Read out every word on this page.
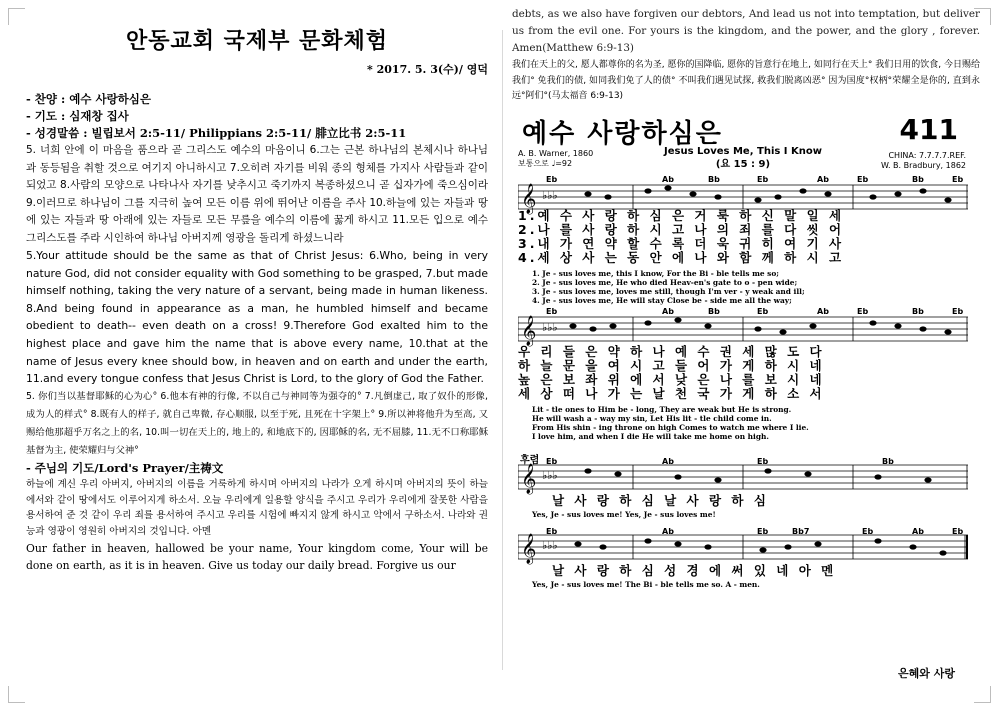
안동교회 국제부 문화체험
* 2017. 5. 3(수)/ 영덕
- 찬양 : 예수 사랑하심은
- 기도 : 심재창 집사
- 성경말씀 : 빌립보서 2:5-11/ Philippians 2:5-11/ 腓立比书 2:5-11
5. 너희 안에 이 마음을 품으라 곧 그리스도 예수의 마음이니 6.그는 근본 하나님의 본체시나 하나님과 동등됨을 취할 것으로 여기지 아니하시고 7.오히려 자기를 비워 종의 형체를 가지사 사람들과 같이 되었고 8.사람의 모양으로 나타나사 자기를 낮추시고 죽기까지 복종하셨으니 곧 십자가에 죽으심이라 9.이러므로 하나님이 그를 지극히 높여 모든 이름 위에 뛰어난 이름을 주사 10.하늘에 있는 자들과 땅에 있는 자들과 땅 아래에 있는 자들로 모든 무릎을 예수의 이름에 꿇게 하시고 11.모든 입으로 예수 그리스도를 주라 시인하여 하나님 아버지께 영광을 돌리게 하셨느니라
5.Your attitude should be the same as that of Christ Jesus: 6.Who, being in very nature God, did not consider equality with God something to be grasped, 7.but made himself nothing, taking the very nature of a servant, being made in human likeness. 8.And being found in appearance as a man, he humbled himself and became obedient to death-- even death on a cross! 9.Therefore God exalted him to the highest place and gave him the name that is above every name, 10.that at the name of Jesus every knee should bow, in heaven and on earth and under the earth, 11.and every tongue confess that Jesus Christ is Lord, to the glory of God the Father.
5. 你们当以基督耶稣的心为心° 6.他本有神的行像, 不以自己与神同等为强夺的° 7.凡倒虚己, 取了奴仆的形像, 成为人的样式° 8.既有人的样子, 就自己卑微, 存心顺服, 以至于死, 且死在十字架上° 9.所以神将他升为至高, 又赐给他那超乎万名之上的名, 10.叫一切在天上的, 地上的, 和地底下的, 因耶稣的名, 无不屈膝, 11.无不口称耶稣基督为主, 使荣耀归与父神°
- 주님의 기도/Lord's Prayer/主祷文
하늘에 계신 우리 아버지, 아버지의 이름을 거룩하게 하시며 아버지의 나라가 오게 하시며 아버지의 뜻이 하늘에서와 같이 땅에서도 이루어지게 하소서. 오늘 우리에게 일용할 양식을 주시고 우리가 우리에게 잘못한 사람을 용서하여 준 것 같이 우리 죄를 용서하여 주시고 우리를 시험에 빠지지 않게 하시고 악에서 구하소서. 나라와 권능과 영광이 영원히 아버지의 것입니다. 아멘
Our father in heaven, hallowed be your name, Your kingdom come, Your will be done on earth, as it is in heaven. Give us today our daily bread. Forgive us our
debts, as we also have forgiven our debtors, And lead us not into temptation, but deliver us from the evil one. For yours is the kingdom, and the power, and the glory , forever. Amen(Matthew 6:9-13)
我们在天上的父, 愿人都尊你的名为圣, 愿你的国降临, 愿你的旨意行在地上, 如同行在天上° 我们日用的饮食, 今日赐给我们° 免我们的债, 如同我们免了人的债° 不叫我们遇见试探, 救我们脱离凶恶° 因为国度°权柄°荣耀全是你的, 直到永远°阿们°(马太福音 6:9-13)
예수 사랑하심은	411
Jesus Loves Me, This I Know
(요 15 : 9)
A. B. Warner, 1860
보통으로 ♩=92
CHINA: 7.7.7.7.REF.
W. B. Bradbury, 1862
𝄞 ♭♭♭
1.예 수 사 랑 하 심 은 거 룩 하 신 말 일 세
2.나 를 사 랑 하 시 고 나 의 죄 를 다 씻 어
3.내 가 연 약 할 수 록 더 욱 귀 히 여 기 사
4.세 상 사 는 동 안 에 나 와 함 께 하 시 고
1. Je - sus loves me, this I know, For the Bi - ble tells me so;
2. Je - sus loves me, He who died Heav-en's gate to o - pen wide;
3. Je - sus loves me, loves me still, though I'm ver - y weak and ill;
4. Je - sus loves me, He will stay Close be - side me all the way;
𝄞 ♭♭♭
우 리 들 은 약 하 나 예 수 권 세 많 도 다
하 늘 문 을 여 시 고 들 어 가 게 하 시 네
높 은 보 좌 위 에 서 낮 은 나 를 보 시 네
세 상 떠 나 가 는 날 천 국 가 게 하 소 서
Lit - tle ones to Him be - long, They are weak but He is strong.
He will wash a - way my sin, Let His lit - tle child come in.
From His shin - ing throne on high Comes to watch me where I lie.
I love him, and when I die He will take me home on high.
후렴
𝄞 ♭♭♭
날 사 랑 하 심 날 사 랑 하 심
Yes, Je - sus loves me! Yes, Je - sus loves me!
𝄞 ♭♭♭
날 사 랑 하 심 성 경 에 써 있 네 아 멘
Yes, Je - sus loves me! The Bi - ble tells me so. A - men.
Eb	Ab	Bb	Eb	Ab	Eb	Bb	Eb
Eb	Ab	Bb	Eb	Ab	Eb	Bb	Eb
Eb	Ab	Eb	Bb
Eb	Ab	Eb	Bb7	Eb	Ab	Eb
은혜와 사랑
